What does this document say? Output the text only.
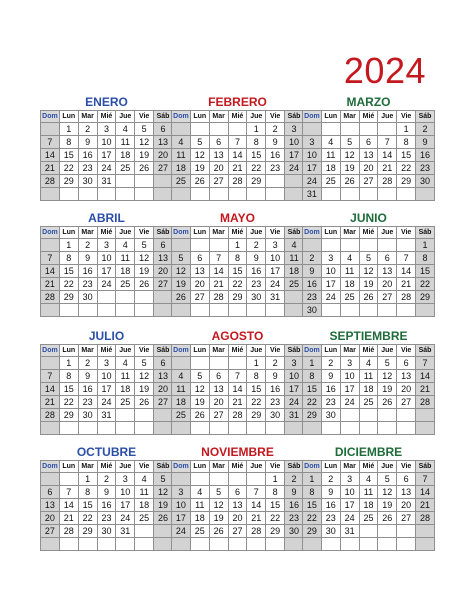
2024
ENERO
Dom	Lun	Mar	Mié	Jue	Vie	Sáb
	1	2	3	4	5	6
7	8	9	10	11	12	13
14	15	16	17	18	19	20
21	22	23	24	25	26	27
28	29	30	31			

FEBRERO
Dom	Lun	Mar	Mié	Jue	Vie	Sáb
				1	2	3
4	5	6	7	8	9	10
11	12	13	14	15	16	17
18	19	20	21	22	23	24
25	26	27	28	29		

MARZO
Dom	Lun	Mar	Mié	Jue	Vie	Sáb
					1	2
3	4	5	6	7	8	9
10	11	12	13	14	15	16
17	18	19	20	21	22	23
24	25	26	27	28	29	30
31						
ABRIL
Dom	Lun	Mar	Mié	Jue	Vie	Sáb
	1	2	3	4	5	6
7	8	9	10	11	12	13
14	15	16	17	18	19	20
21	22	23	24	25	26	27
28	29	30				

MAYO
Dom	Lun	Mar	Mié	Jue	Vie	Sáb
			1	2	3	4
5	6	7	8	9	10	11
12	13	14	15	16	17	18
19	20	21	22	23	24	25
26	27	28	29	30	31	

JUNIO
Dom	Lun	Mar	Mié	Jue	Vie	Sáb
						1
2	3	4	5	6	7	8
9	10	11	12	13	14	15
16	17	18	19	20	21	22
23	24	25	26	27	28	29
30						
JULIO
Dom	Lun	Mar	Mié	Jue	Vie	Sáb
	1	2	3	4	5	6
7	8	9	10	11	12	13
14	15	16	17	18	19	20
21	22	23	24	25	26	27
28	29	30	31			

AGOSTO
Dom	Lun	Mar	Mié	Jue	Vie	Sáb
				1	2	3
4	5	6	7	8	9	10
11	12	13	14	15	16	17
18	19	20	21	22	23	24
25	26	27	28	29	30	31

SEPTIEMBRE
Dom	Lun	Mar	Mié	Jue	Vie	Sáb
1	2	3	4	5	6	7
8	9	10	11	12	13	14
15	16	17	18	19	20	21
22	23	24	25	26	27	28
29	30					

OCTUBRE
Dom	Lun	Mar	Mié	Jue	Vie	Sáb
		1	2	3	4	5
6	7	8	9	10	11	12
13	14	15	16	17	18	19
20	21	22	23	24	25	26
27	28	29	30	31		

NOVIEMBRE
Dom	Lun	Mar	Mié	Jue	Vie	Sáb
					1	2
3	4	5	6	7	8	9
10	11	12	13	14	15	16
17	18	19	20	21	22	23
24	25	26	27	28	29	30

DICIEMBRE
Dom	Lun	Mar	Mié	Jue	Vie	Sáb
1	2	3	4	5	6	7
8	9	10	11	12	13	14
15	16	17	18	19	20	21
22	23	24	25	26	27	28
29	30	31				
